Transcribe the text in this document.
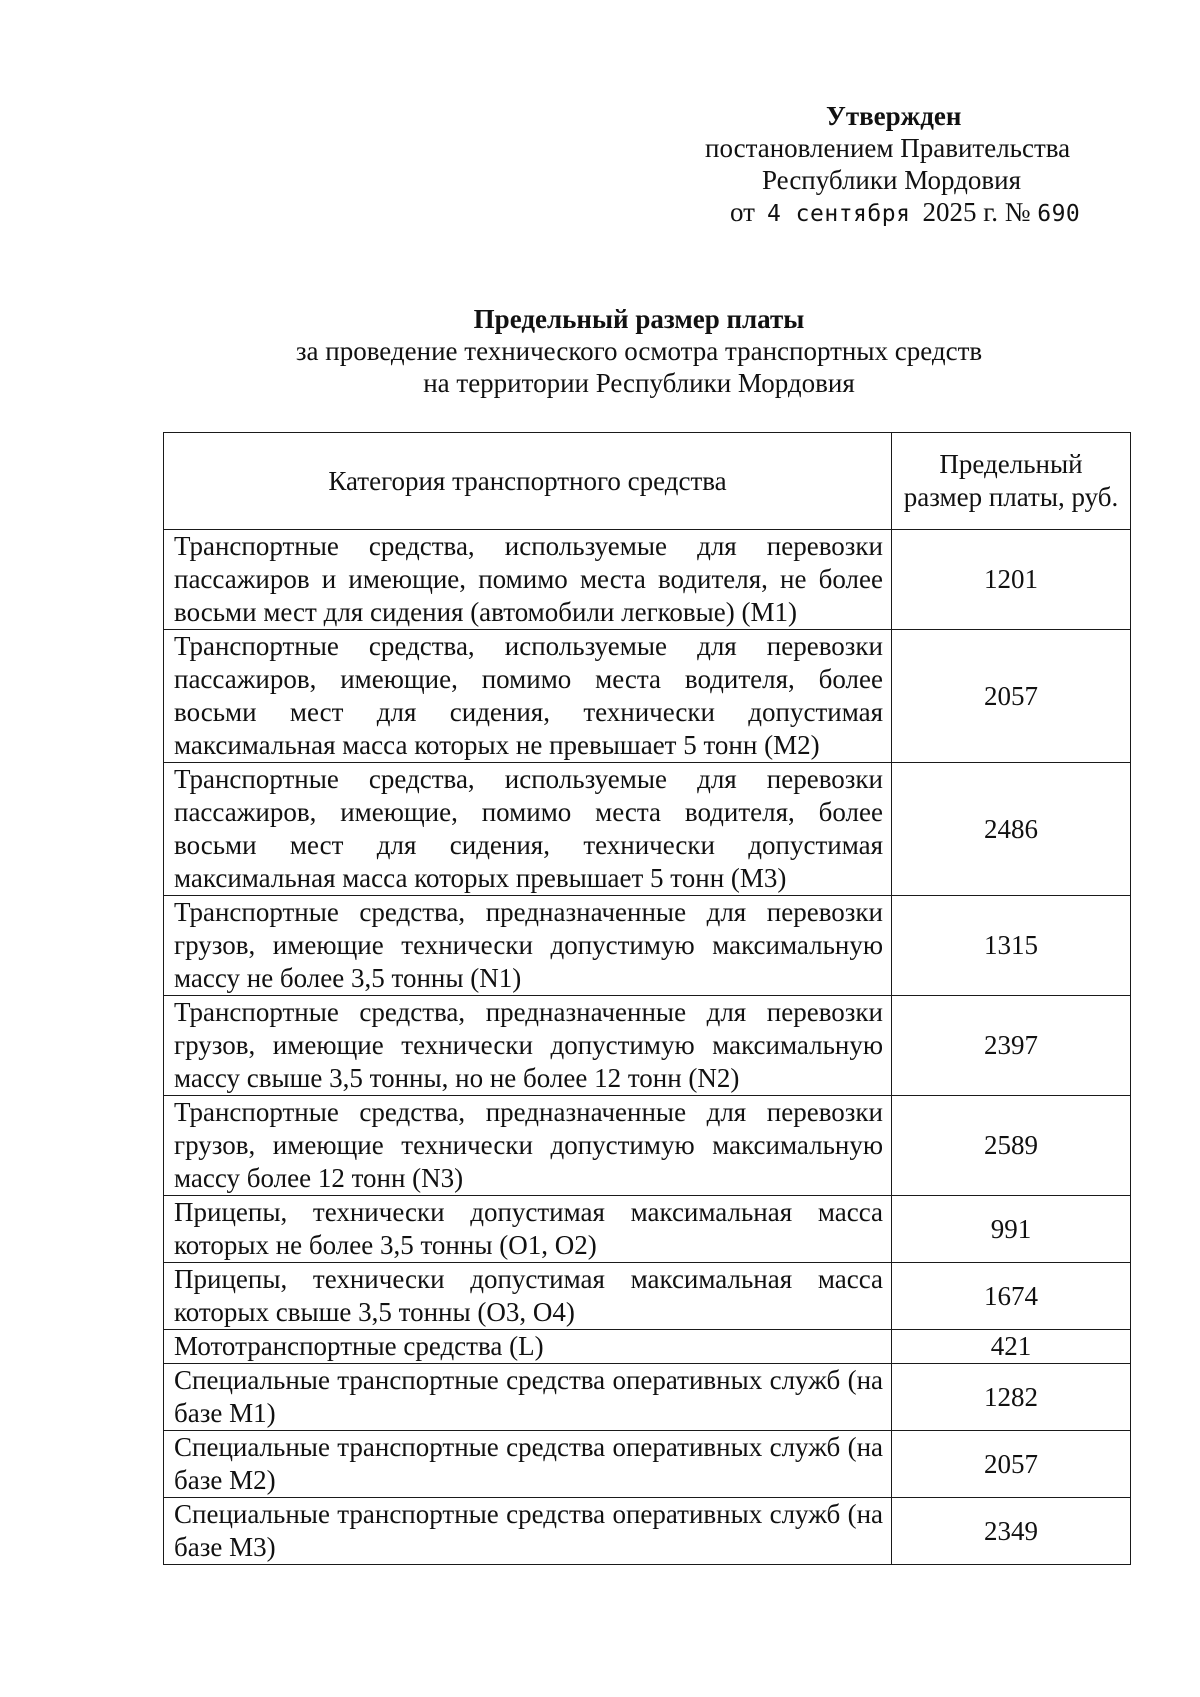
Утвержден
постановлением Правительства
Республики Мордовия
от 4 сентября 2025 г. № 690
Предельный размер платы
за проведение технического осмотра транспортных средств
на территории Республики Мордовия
Категория транспортного средства	Предельный размер платы, руб.
Транспортные средства, используемые для перевозки пассажиров и имеющие, помимо места водителя, не более восьми мест для сидения (автомобили легковые) (M1)	1201
Транспортные средства, используемые для перевозки пассажиров, имеющие, помимо места водителя, более восьми мест для сидения, технически допустимая максимальная масса которых не превышает 5 тонн (M2)	2057
Транспортные средства, используемые для перевозки пассажиров, имеющие, помимо места водителя, более восьми мест для сидения, технически допустимая максимальная масса которых превышает 5 тонн (M3)	2486
Транспортные средства, предназначенные для перевозки грузов, имеющие технически допустимую максимальную массу не более 3,5 тонны (N1)	1315
Транспортные средства, предназначенные для перевозки грузов, имеющие технически допустимую максимальную массу свыше 3,5 тонны, но не более 12 тонн (N2)	2397
Транспортные средства, предназначенные для перевозки грузов, имеющие технически допустимую максимальную массу более 12 тонн (N3)	2589
Прицепы, технически допустимая максимальная масса которых не более 3,5 тонны (O1, O2)	991
Прицепы, технически допустимая максимальная масса которых свыше 3,5 тонны (O3, O4)	1674
Мототранспортные средства (L)	421
Специальные транспортные средства оперативных служб (на базе M1)	1282
Специальные транспортные средства оперативных служб (на базе M2)	2057
Специальные транспортные средства оперативных служб (на базе M3)	2349
